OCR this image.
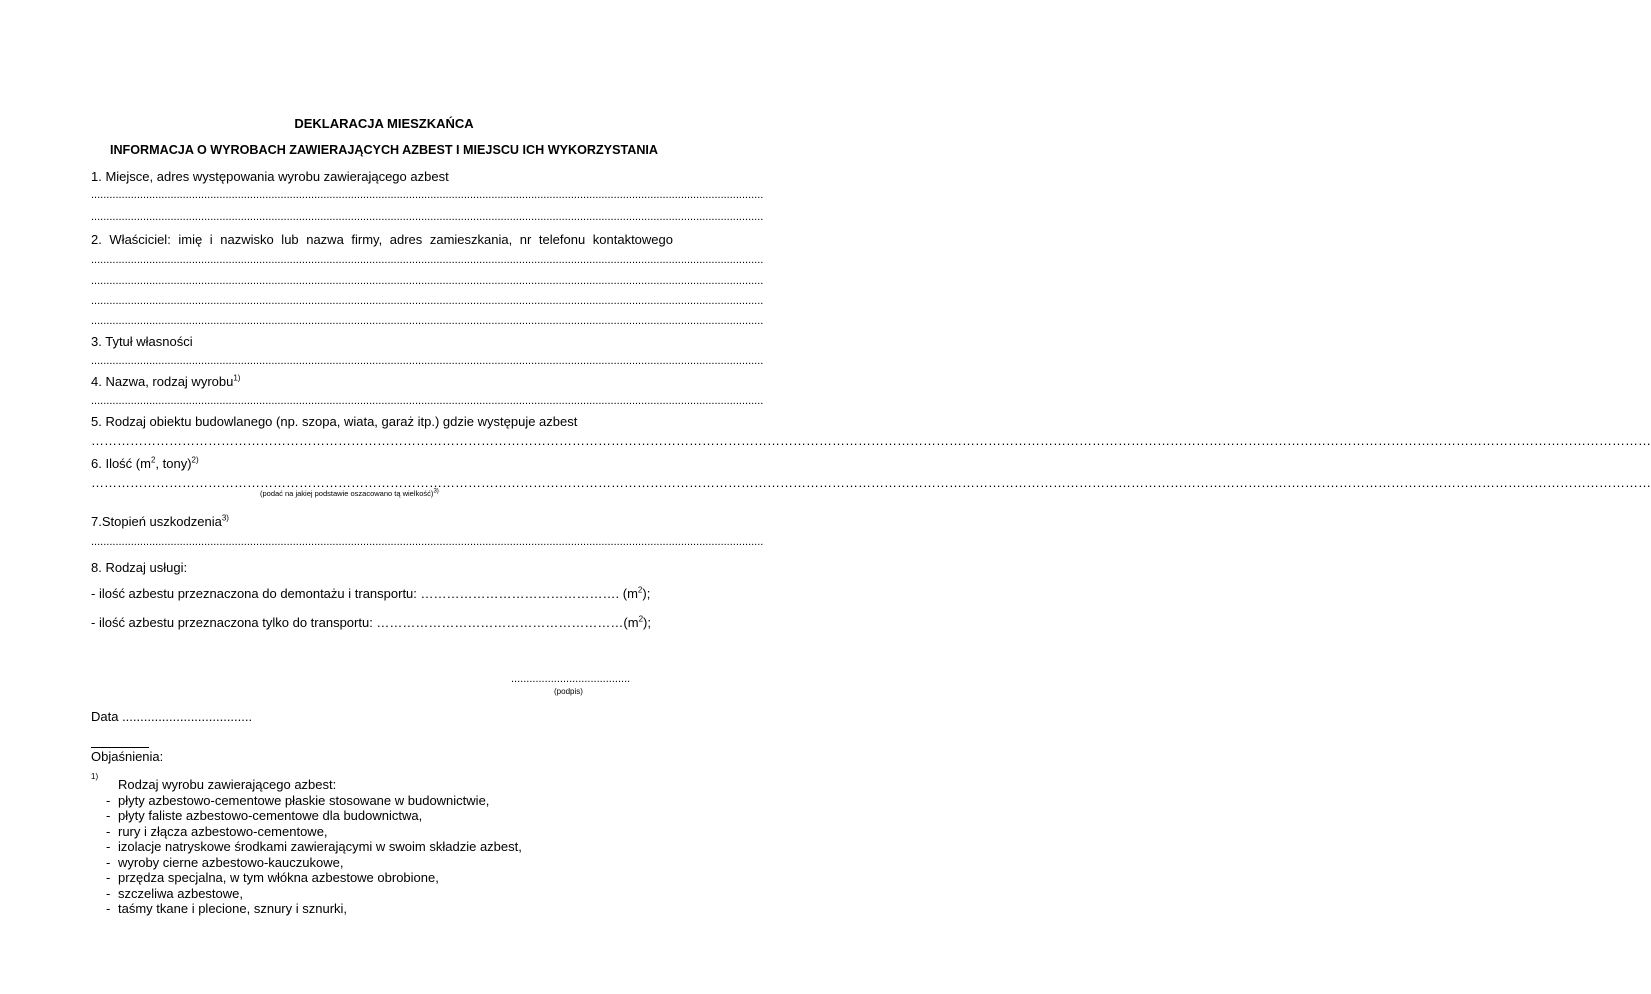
DEKLARACJA MIESZKAŃCA
INFORMACJA O WYROBACH ZAWIERAJĄCYCH AZBEST I MIEJSCU ICH WYKORZYSTANIA
1. Miejsce, adres występowania wyrobu zawierającego azbest
............................................................................................................................................................................................................................
............................................................................................................................................................................................................................
2. Właściciel: imię i nazwisko lub nazwa firmy, adres zamieszkania, nr telefonu kontaktowego
............................................................................................................................................................................................................................
............................................................................................................................................................................................................................
............................................................................................................................................................................................................................
............................................................................................................................................................................................................................
3. Tytuł własności
............................................................................................................................................................................................................................
4. Nazwa, rodzaj wyrobu$^{1)}$
............................................................................................................................................................................................................................
5. Rodzaj obiektu budowlanego (np. szopa, wiata, garaż itp.) gdzie występuje azbest
………………………………………………………………………………………………………………………………………………………………………………………………………………………………………………………………………………………………………………………………
6. Ilość ($m^2$, tony)$^{2)}$
………………………………………………………………………………………………………………………………………………………………………………………………………………………………………………………………………………………………………………………………
(podać na jakiej podstawie oszacowano tą wielkość)$^{3)}$
7.Stopień uszkodzenia$^{3)}$
............................................................................................................................................................................................................................
8. Rodzaj usługi:
- ilość azbestu przeznaczona do demontażu i transportu: ………………………………………. $(m^2)$;
- ilość azbestu przeznaczona tylko do transportu: $\dots\dots\dots\dots\dots\dots\dots\dots\dots\dots\dots\dots\dots\dots\dots\dots\dots\dots\dots(m^2)$;
.......................................
(podpis)
Data ....................................
Objaśnienia:
1)
Rodzaj wyrobu zawierającego azbest:
- płyty azbestowo-cementowe płaskie stosowane w budownictwie,
- płyty faliste azbestowo-cementowe dla budownictwa,
- rury i złącza azbestowo-cementowe,
- izolacje natryskowe środkami zawierającymi w swoim składzie azbest,
- wyroby cierne azbestowo-kauczukowe,
- przędza specjalna, w tym włókna azbestowe obrobione,
- szczeliwa azbestowe,
- taśmy tkane i plecione, sznury i sznurki,
